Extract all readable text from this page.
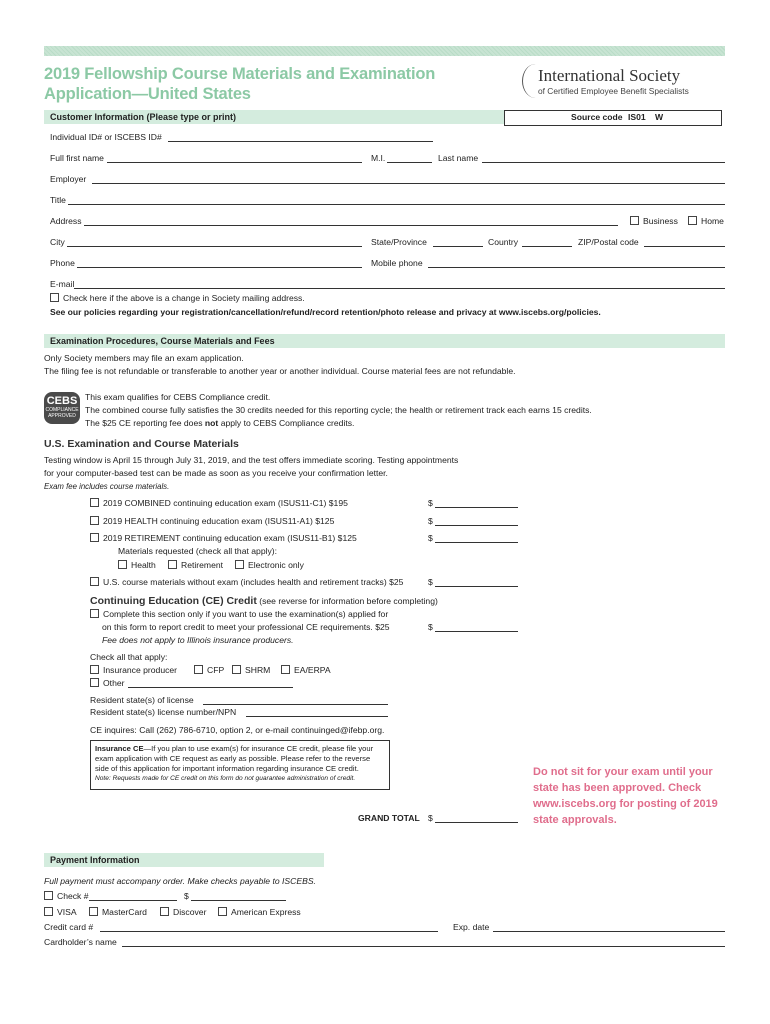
2019 Fellowship Course Materials and Examination Application—United States
International Society
of Certified Employee Benefit Specialists
Customer Information (Please type or print)	Source code IS01 W
Individual ID# or ISCEBS ID#
Full first name	M.I.	Last name
Employer
Title
Address	Business	Home
City	State/Province	Country	ZIP/Postal code
Phone	Mobile phone
E-mail
Check here if the above is a change in Society mailing address.
See our policies regarding your registration/cancellation/refund/record retention/photo release and privacy at www.iscebs.org/policies.
Examination Procedures, Course Materials and Fees
Only Society members may file an exam application.
The filing fee is not refundable or transferable to another year or another individual. Course material fees are not refundable.
CEBS
COMPLIANCE
APPROVED
This exam qualifies for CEBS Compliance credit.
The combined course fully satisfies the 30 credits needed for this reporting cycle; the health or retirement track each earns 15 credits.
The $25 CE reporting fee does not apply to CEBS Compliance credits.
U.S. Examination and Course Materials
Testing window is April 15 through July 31, 2019, and the test offers immediate scoring. Testing appointments
for your computer-based test can be made as soon as you receive your confirmation letter.
Exam fee includes course materials.
2019 COMBINED continuing education exam (ISUS11-C1) $195	$
2019 HEALTH continuing education exam (ISUS11-A1) $125	$
2019 RETIREMENT continuing education exam (ISUS11-B1) $125	$
Materials requested (check all that apply):
Health	Retirement	Electronic only
U.S. course materials without exam (includes health and retirement tracks) $25	$
Continuing Education (CE) Credit (see reverse for information before completing)
Complete this section only if you want to use the examination(s) applied for
on this form to report credit to meet your professional CE requirements. $25	$
Fee does not apply to Illinois insurance producers.
Check all that apply:
Insurance producer	CFP	SHRM	EA/ERPA
Other
Resident state(s) of license
Resident state(s) license number/NPN
CE inquires: Call (262) 786-6710, option 2, or e-mail continuinged@ifebp.org.
Insurance CE—If you plan to use exam(s) for insurance CE credit, please file your exam application with CE request as early as possible. Please refer to the reverse side of this application for important information regarding insurance CE credit.
Note: Requests made for CE credit on this form do not guarantee administration of credit.
Do not sit for your exam until your state has been approved. Check www.iscebs.org for posting of 2019 state approvals.
GRAND TOTAL $
Payment Information
Full payment must accompany order. Make checks payable to ISCEBS.
Check #	$
VISA	MasterCard	Discover	American Express
Credit card #	Exp. date
Cardholder’s name
